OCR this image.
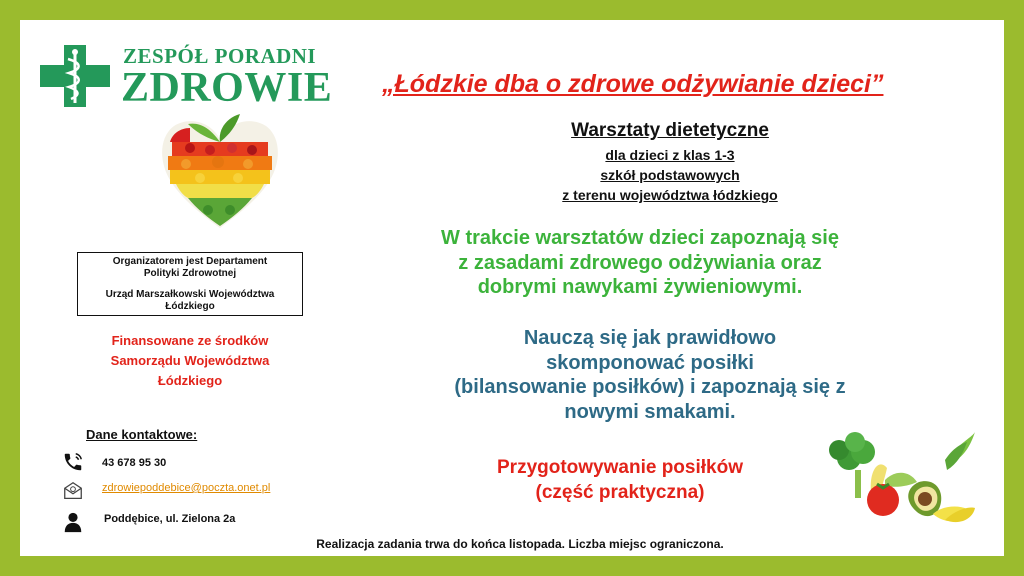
ZESPÓŁ PORADNI
ZDROWIE „Łódzkie dba o zdrowe odżywianie dzieci”
Warsztaty dietetyczne
dla dzieci z klas 1-3
szkół podstawowych
z terenu województwa łódzkiego
Organizatorem jest Departament
Polityki Zdrowotnej
Urząd Marszałkowski Województwa
Łódzkiego
Finansowane ze środków
Samorządu Województwa
Łódzkiego
W trakcie warsztatów dzieci zapoznają się
z zasadami zdrowego odżywiania oraz
dobrymi nawykami żywieniowymi.
Nauczą się jak prawidłowo
skomponować posiłki
(bilansowanie posiłków) i zapoznają się z
nowymi smakami.
Przygotowywanie posiłków
(część praktyczna)
Dane kontaktowe:
43 678 95 30
zdrowiepoddebice@poczta.onet.pl
Poddębice, ul. Zielona 2a
Realizacja zadania trwa do końca listopada. Liczba miejsc ograniczona.
